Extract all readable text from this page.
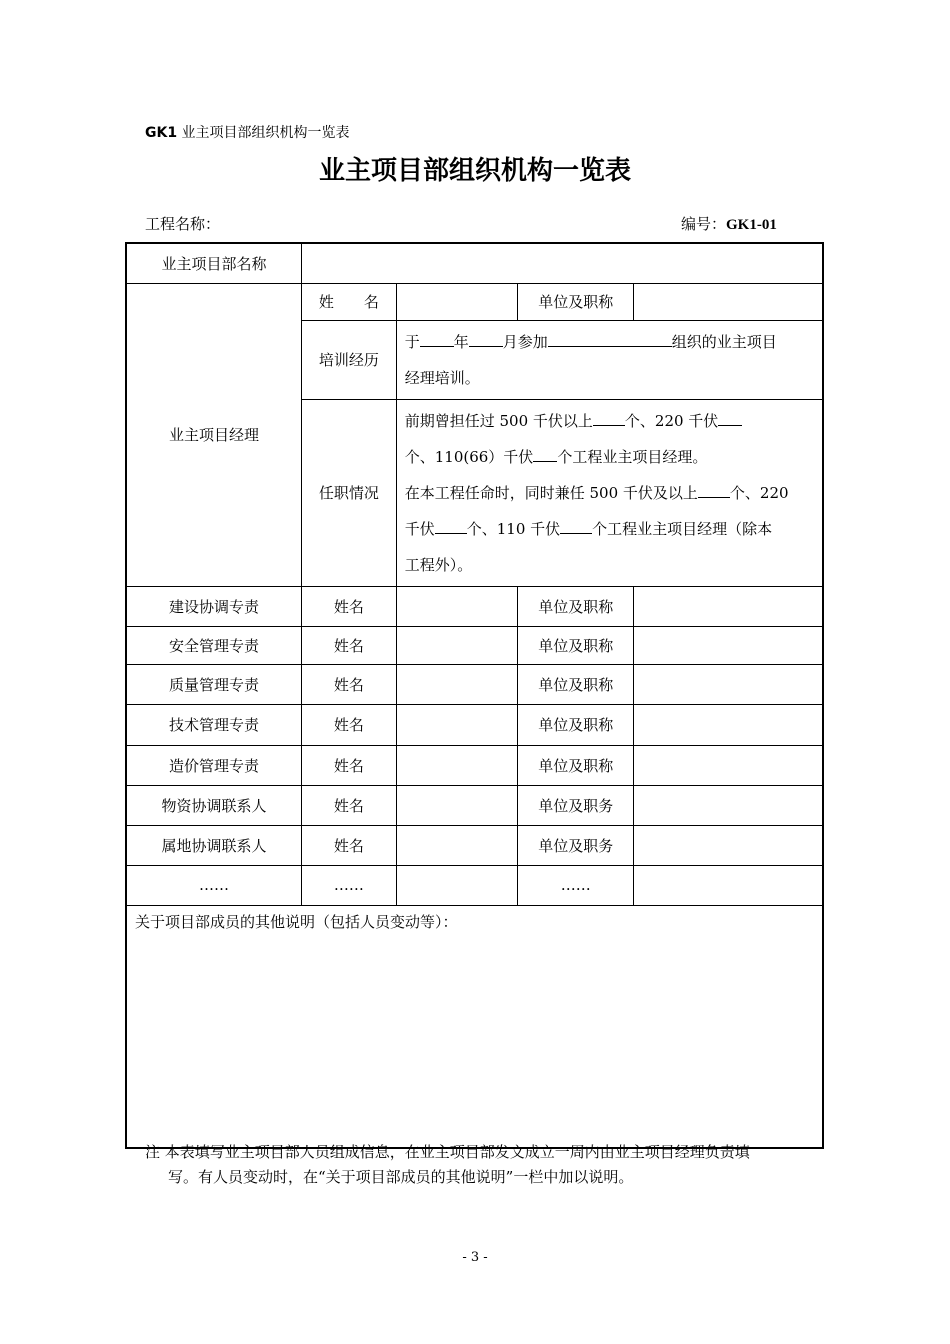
GK1 业主项目部组织机构一览表
业主项目部组织机构一览表
工程名称：	编号：GK1-01
业主项目部名称				
业主项目经理	姓　　名		单位及职称	
	培训经历	于 年 月参加 组织的业主项目
经理培训。		
	任职情况	前期曾担任过 500 千伏以上 个、220 千伏
个、110(66）千伏 个工程业主项目经理。
在本工程任命时，同时兼任 500 千伏及以上 个、220
千伏 个、110 千伏 个工程业主项目经理（除本
工程外）。		
建设协调专责	姓名		单位及职称	
安全管理专责	姓名		单位及职称	
质量管理专责	姓名		单位及职称	
技术管理专责	姓名		单位及职称	
造价管理专责	姓名		单位及职称	
物资协调联系人	姓名		单位及职务	
属地协调联系人	姓名		单位及职务	
……	……		……	
关于项目部成员的其他说明（包括人员变动等）：				
注 本表填写业主项目部人员组成信息，在业主项目部发文成立一周内由业主项目经理负责填
写。有人员变动时，在“关于项目部成员的其他说明”一栏中加以说明。
- 3 -
